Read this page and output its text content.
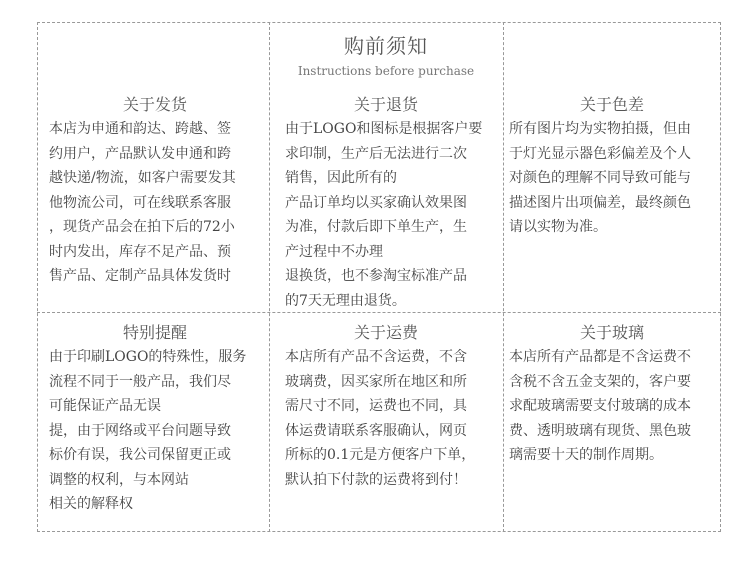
购前须知
Instructions before purchase
关于发货

本店为申通和韵达、跨越、签

约用户，产品默认发申通和跨

越快递/物流，如客户需要发其

他物流公司，可在线联系客服

，现货产品会在拍下后的72小

时内发出，库存不足产品、预

售产品、定制产品具体发货时

关于退货

由于LOGO和图标是根据客户要

求印制，生产后无法进行二次

销售，因此所有的

产品订单均以买家确认效果图

为准，付款后即下单生产，生

产过程中不办理

退换货，也不参淘宝标准产品

的7天无理由退货。

关于色差

所有图片均为实物拍摄，但由

于灯光显示器色彩偏差及个人

对颜色的理解不同导致可能与

描述图片出项偏差，最终颜色

请以实物为准。

特别提醒

由于印刷LOGO的特殊性，服务

流程不同于一般产品，我们尽

可能保证产品无误

提，由于网络或平台问题导致

标价有误，我公司保留更正或

调整的权利，与本网站

相关的解释权

关于运费

本店所有产品不含运费，不含

玻璃费，因买家所在地区和所

需尺寸不同，运费也不同，具

体运费请联系客服确认，网页

所标的0.1元是方便客户下单，

默认拍下付款的运费将到付！

关于玻璃

本店所有产品都是不含运费不

含税不含五金支架的，客户要

求配玻璃需要支付玻璃的成本

费、透明玻璃有现货、黑色玻

璃需要十天的制作周期。
